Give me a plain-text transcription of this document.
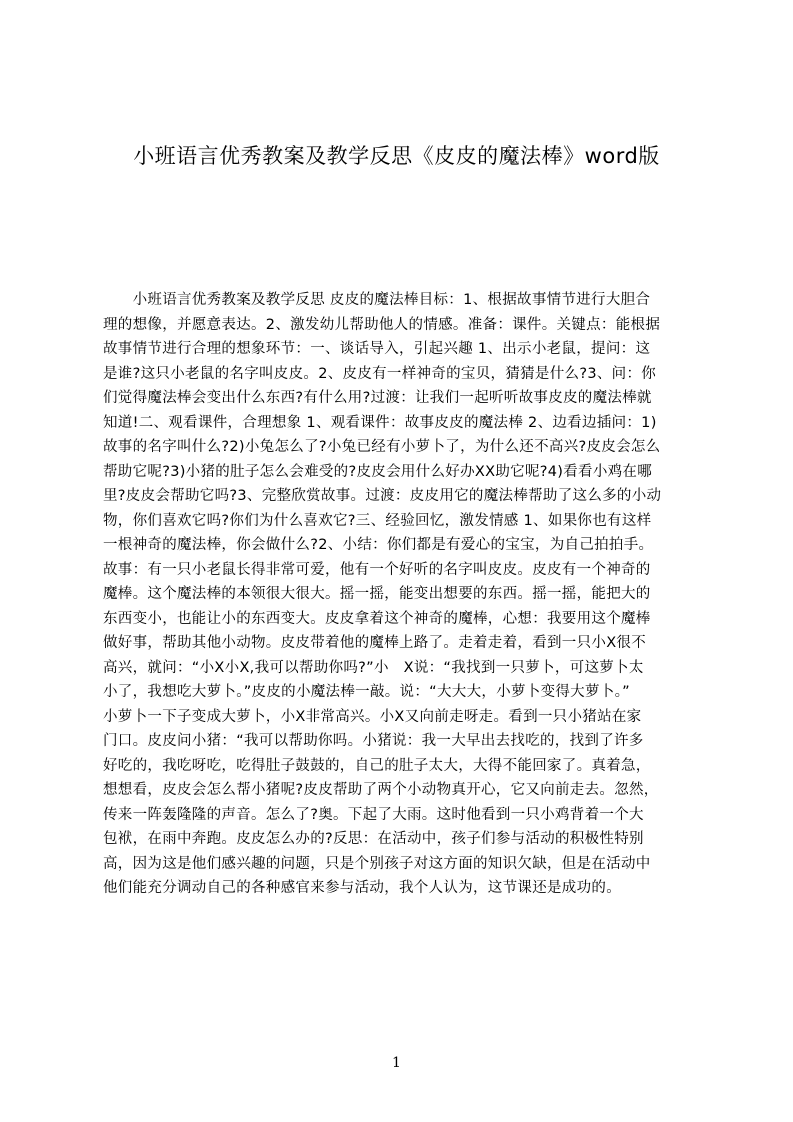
小班语言优秀教案及教学反思《皮皮的魔法棒》word版
　　小班语言优秀教案及教学反思 皮皮的魔法棒目标：1、根据故事情节进行大胆合
理的想像，并愿意表达。2、激发幼儿帮助他人的情感。准备：课件。关键点：能根据
故事情节进行合理的想象环节：一、谈话导入，引起兴趣 1、出示小老鼠，提问：这
是谁?这只小老鼠的名字叫皮皮。2、皮皮有一样神奇的宝贝，猜猜是什么?3、问：你
们觉得魔法棒会变出什么东西?有什么用?过渡：让我们一起听听故事皮皮的魔法棒就
知道!二、观看课件，合理想象 1、观看课件：故事皮皮的魔法棒 2、边看边插问：1)
故事的名字叫什么?2)小兔怎么了?小兔已经有小萝卜了，为什么还不高兴?皮皮会怎么
帮助它呢?3)小猪的肚子怎么会难受的?皮皮会用什么好办XX助它呢?4)看看小鸡在哪
里?皮皮会帮助它吗?3、完整欣赏故事。过渡：皮皮用它的魔法棒帮助了这么多的小动
物，你们喜欢它吗?你们为什么喜欢它?三、经验回忆，激发情感 1、如果你也有这样
一根神奇的魔法棒，你会做什么?2、小结：你们都是有爱心的宝宝，为自己拍拍手。
故事：有一只小老鼠长得非常可爱，他有一个好听的名字叫皮皮。皮皮有一个神奇的
魔棒。这个魔法棒的本领很大很大。摇一摇，能变出想要的东西。摇一摇，能把大的
东西变小，也能让小的东西变大。皮皮拿着这个神奇的魔棒，心想：我要用这个魔棒
做好事，帮助其他小动物。皮皮带着他的魔棒上路了。走着走着，看到一只小X很不
高兴，就问：“小X小X,我可以帮助你吗?”小　X说：“我找到一只萝卜，可这萝卜太
小了，我想吃大萝卜。”皮皮的小魔法棒一敲。说：“大大大，小萝卜变得大萝卜。”
小萝卜一下子变成大萝卜，小X非常高兴。小X又向前走呀走。看到一只小猪站在家
门口。皮皮问小猪：“我可以帮助你吗。小猪说：我一大早出去找吃的，找到了许多
好吃的，我吃呀吃，吃得肚子鼓鼓的，自己的肚子太大，大得不能回家了。真着急，
想想看，皮皮会怎么帮小猪呢?皮皮帮助了两个小动物真开心，它又向前走去。忽然，
传来一阵轰隆隆的声音。怎么了?奥。下起了大雨。这时他看到一只小鸡背着一个大
包袱，在雨中奔跑。皮皮怎么办的?反思：在活动中，孩子们参与活动的积极性特别
高，因为这是他们感兴趣的问题，只是个别孩子对这方面的知识欠缺，但是在活动中
他们能充分调动自己的各种感官来参与活动，我个人认为，这节课还是成功的。
1
